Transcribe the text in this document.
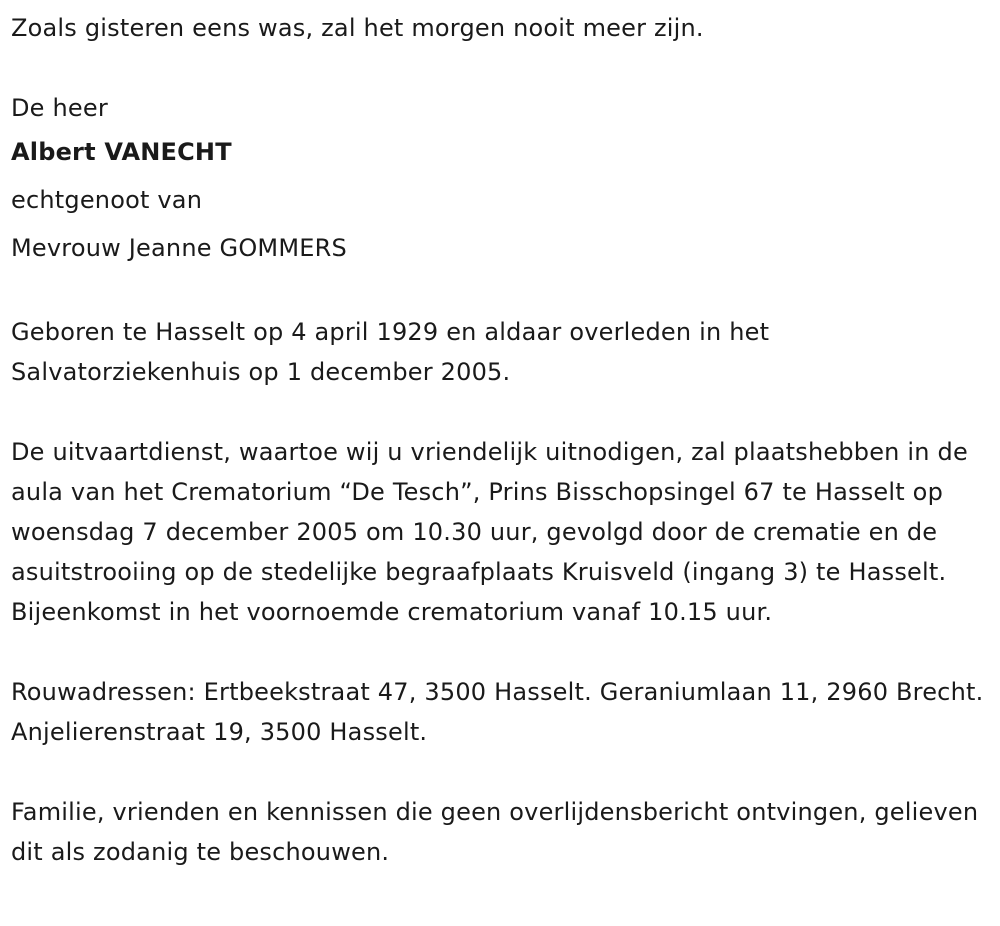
Zoals gisteren eens was, zal het morgen nooit meer zijn.

De heer

Albert VANECHT

echtgenoot van

Mevrouw Jeanne GOMMERS

Geboren te Hasselt op 4 april 1929 en aldaar overleden in het Salvatorziekenhuis op 1 december 2005.

De uitvaartdienst, waartoe wij u vriendelijk uitnodigen, zal plaatshebben in de aula van het Crematorium “De Tesch”, Prins Bisschopsingel 67 te Hasselt op woensdag 7 december 2005 om 10.30 uur, gevolgd door de crematie en de asuitstrooiing op de stedelijke begraafplaats Kruisveld (ingang 3) te Hasselt. Bijeenkomst in het voornoemde crematorium vanaf 10.15 uur.

Rouwadressen: Ertbeekstraat 47, 3500 Hasselt. Geraniumlaan 11, 2960 Brecht. Anjelierenstraat 19, 3500 Hasselt.

Familie, vrienden en kennissen die geen overlijdensbericht ontvingen, gelieven dit als zodanig te beschouwen.
